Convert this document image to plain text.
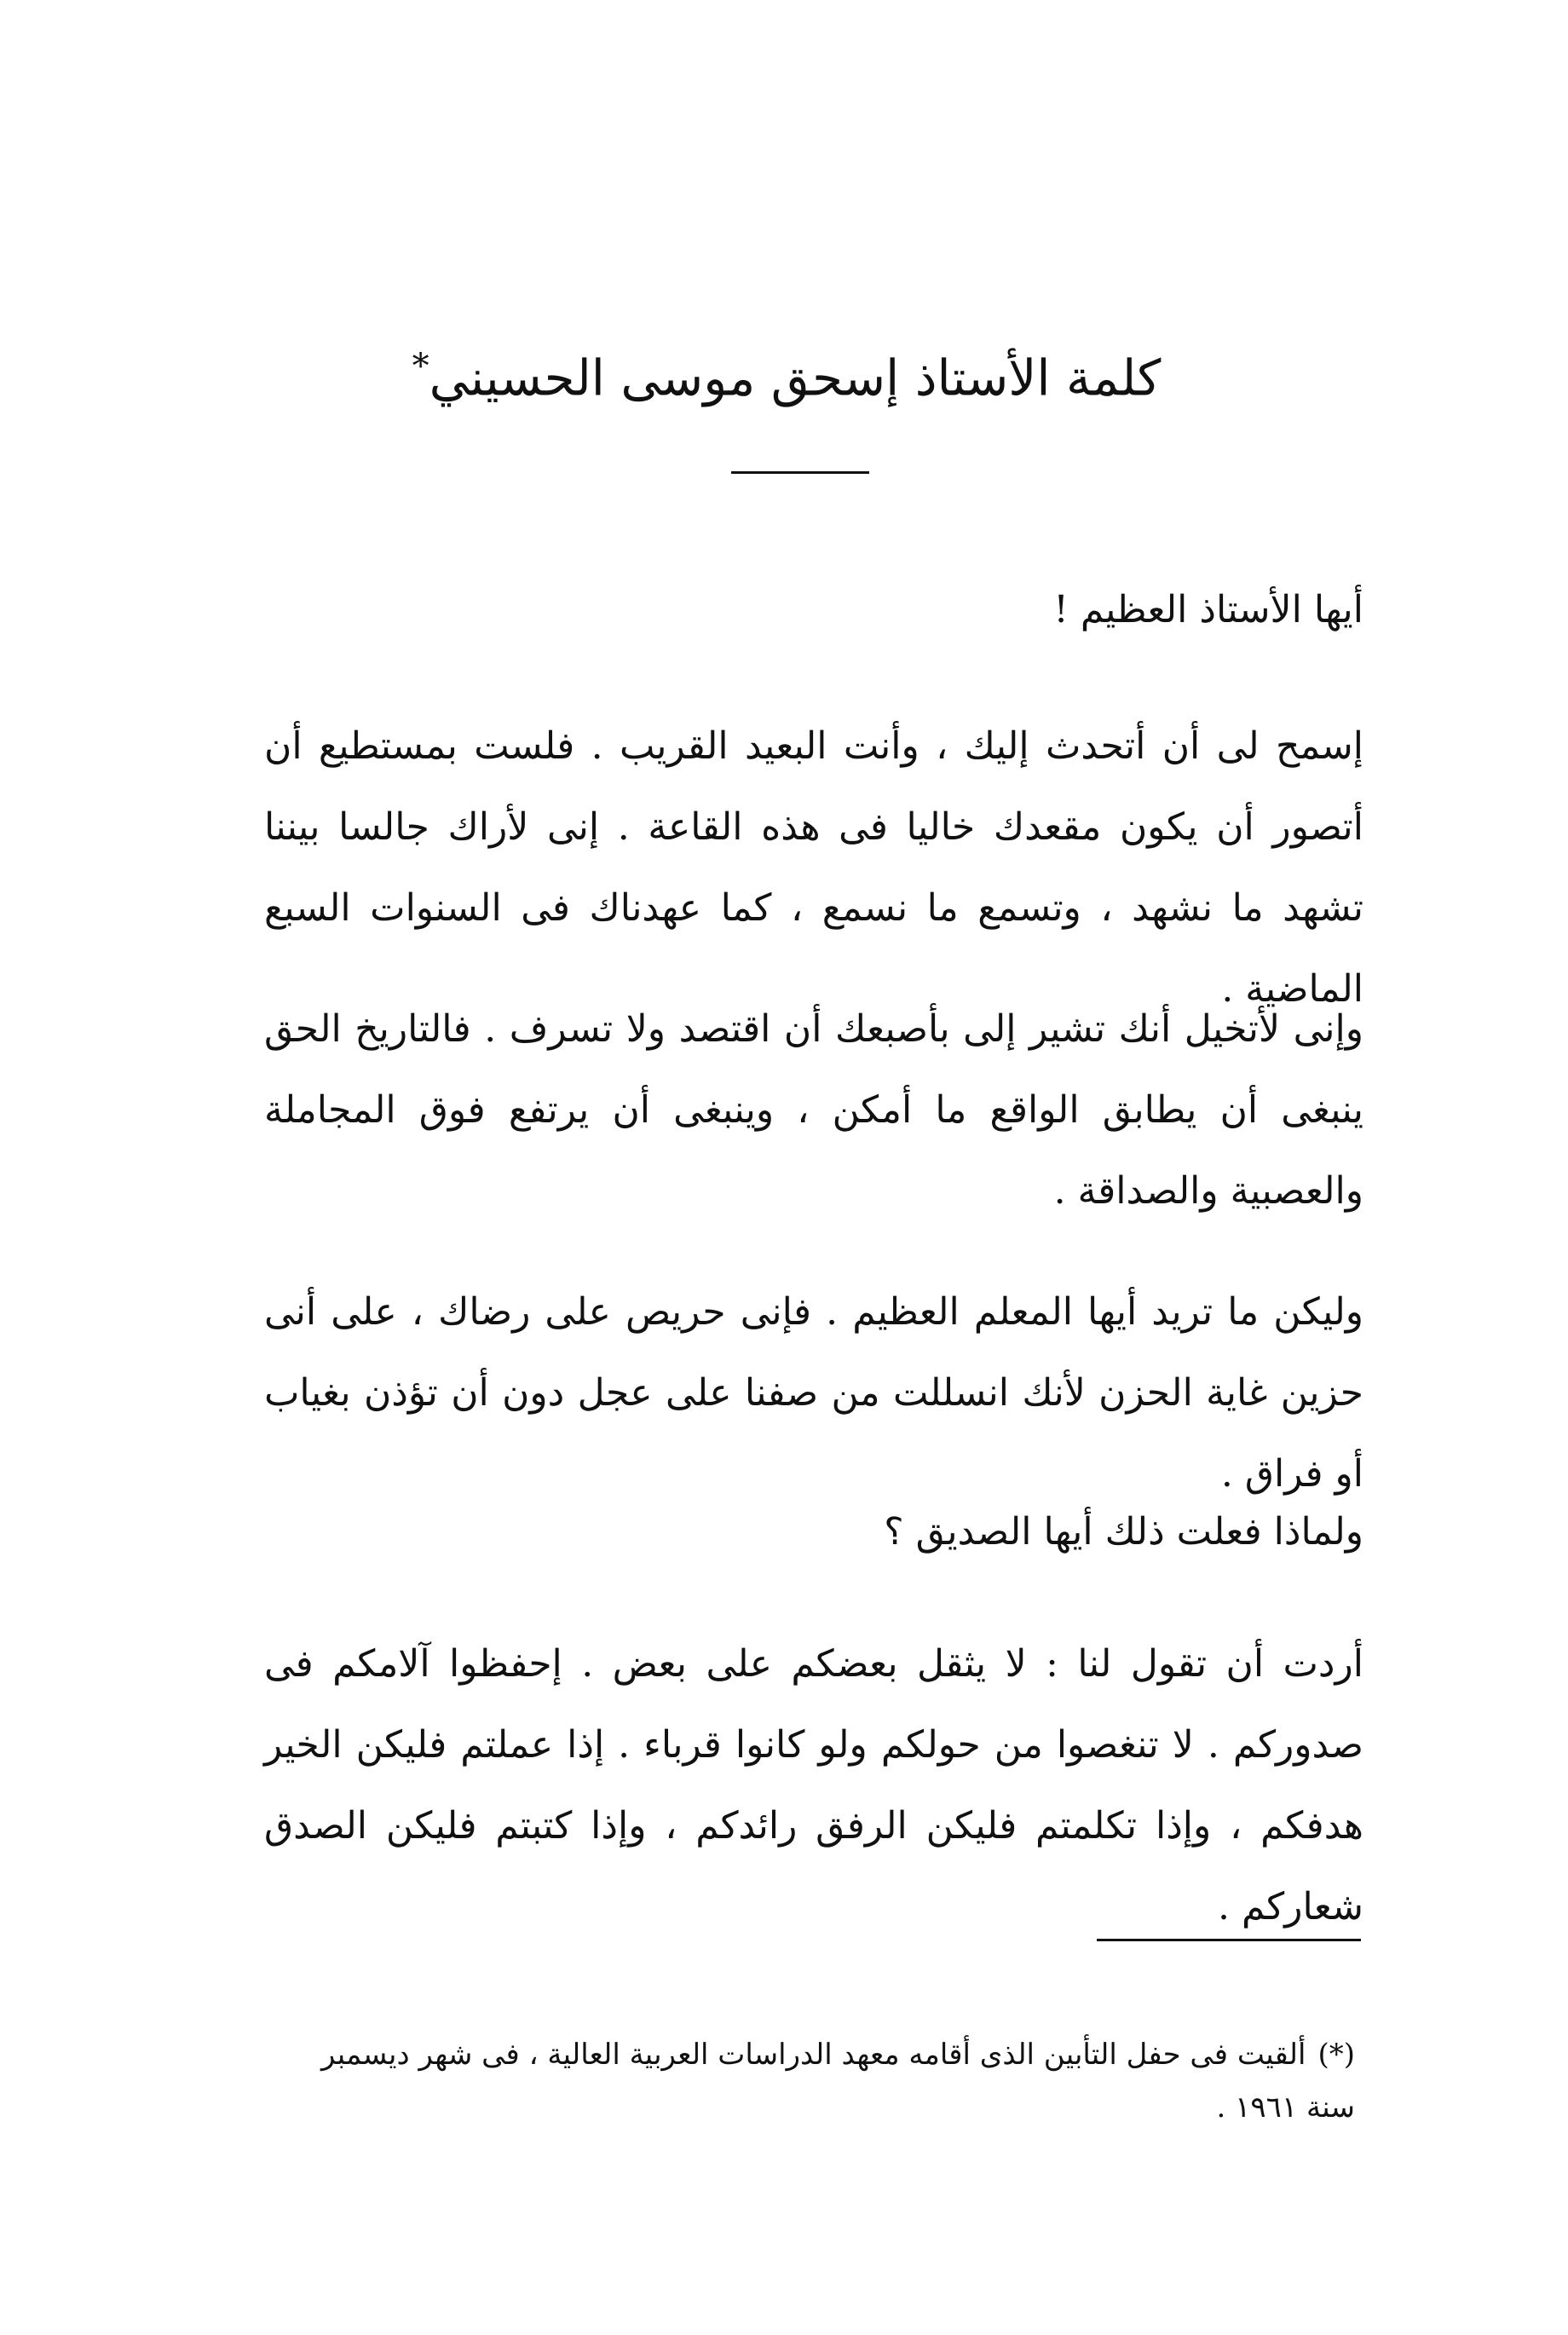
كلمة الأستاذ إسحق موسى الحسيني*

أيها الأستاذ العظيم !

إسمح لى أن أتحدث إليك ، وأنت البعيد القريب . فلست بمستطيع أن أتصور أن يكون مقعدك خاليا فى هذه القاعة . إنى لأراك جالسا بيننا تشهد ما نشهد ، وتسمع ما نسمع ، كما عهدناك فى السنوات السبع الماضية .

وإنى لأتخيل أنك تشير إلى بأصبعك أن اقتصد ولا تسرف . فالتاريخ الحق ينبغى أن يطابق الواقع ما أمكن ، وينبغى أن يرتفع فوق المجاملة والعصبية والصداقة .

وليكن ما تريد أيها المعلم العظيم . فإنى حريص على رضاك ، على أنى حزين غاية الحزن لأنك انسللت من صفنا على عجل دون أن تؤذن بغياب أو فراق .

ولماذا فعلت ذلك أيها الصديق ؟

أردت أن تقول لنا : لا يثقل بعضكم على بعض . إحفظوا آلامكم فى صدوركم . لا تنغصوا من حولكم ولو كانوا قرباء . إذا عملتم فليكن الخير هدفكم ، وإذا تكلمتم فليكن الرفق رائدكم ، وإذا كتبتم فليكن الصدق شعاركم .

(*)ألقيت فى حفل التأبين الذى أقامه معهد الدراسات العربية العالية ، فى شهر ديسمبر سنة ١٩٦١ .
